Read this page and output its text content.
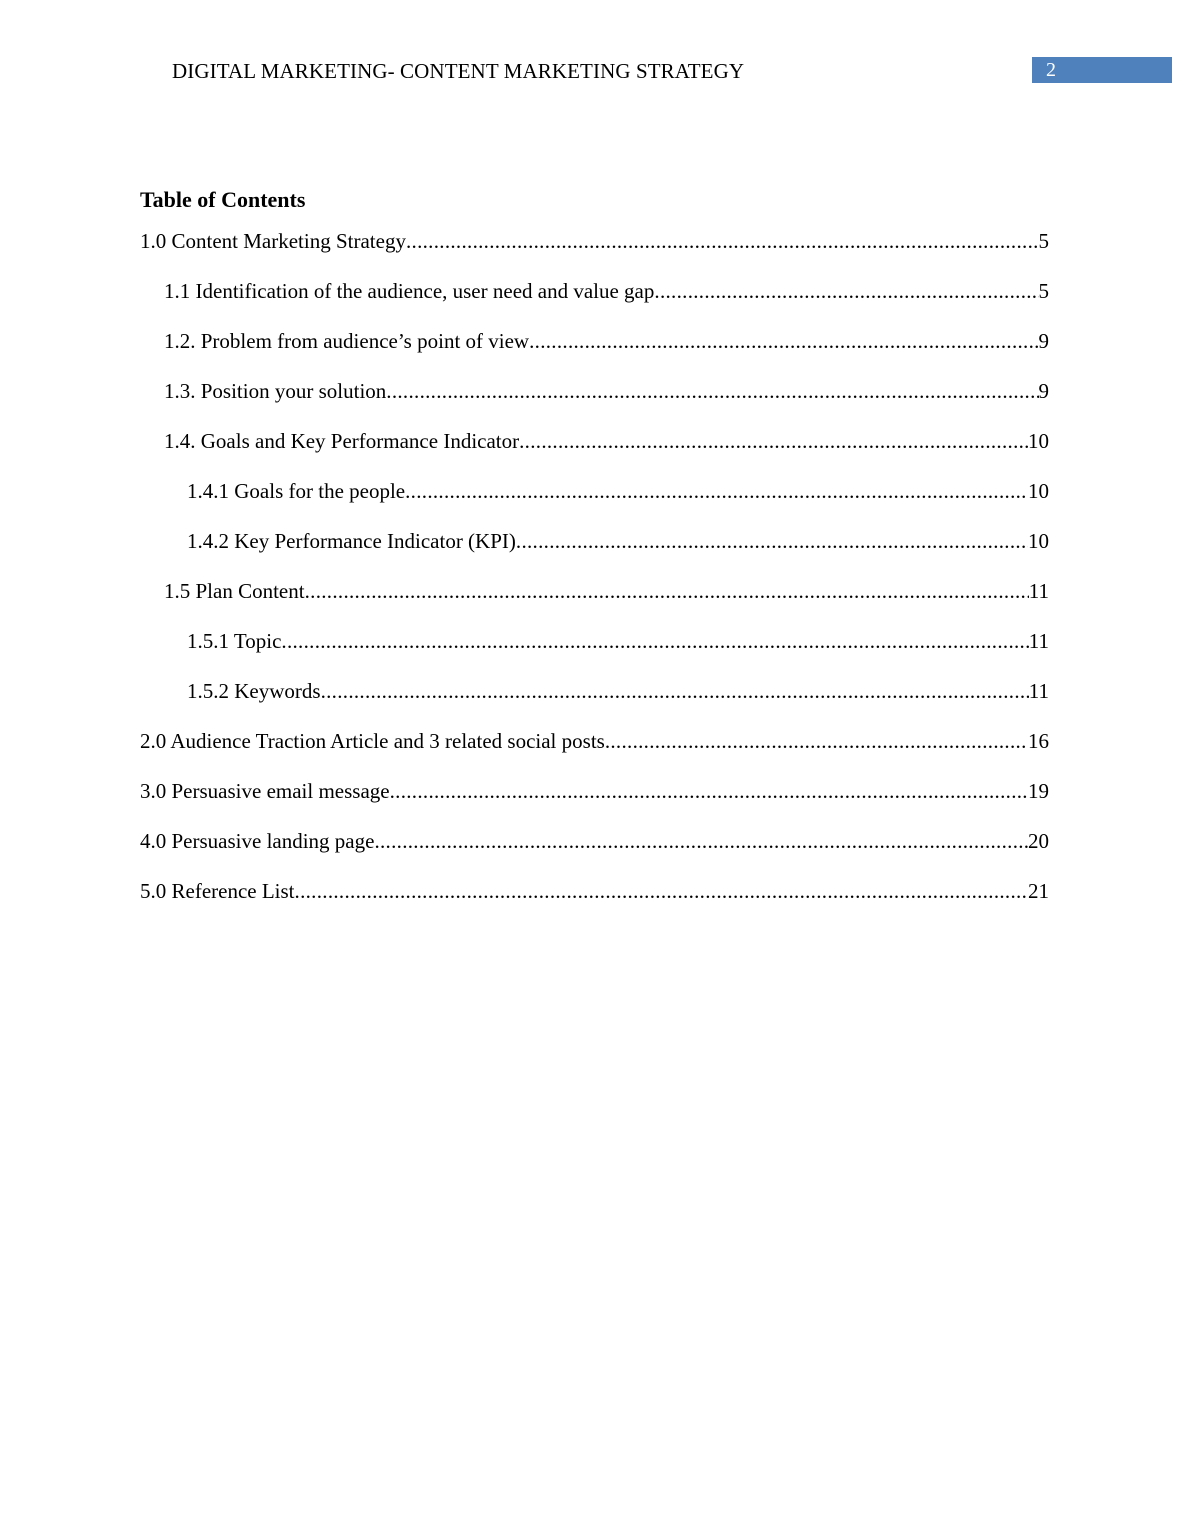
DIGITAL MARKETING- CONTENT MARKETING STRATEGY	2
Table of Contents
1.0 Content Marketing Strategy .....	5
1.1 Identification of the audience, user need and value gap .....	5
1.2. Problem from audience’s point of view .....	9
1.3. Position your solution .....	9
1.4. Goals and Key Performance Indicator .....	10
1.4.1 Goals for the people .....	10
1.4.2 Key Performance Indicator (KPI) .....	10
1.5 Plan Content .....	11
1.5.1 Topic .....	11
1.5.2 Keywords .....	11
2.0 Audience Traction Article and 3 related social posts .....	16
3.0 Persuasive email message .....	19
4.0 Persuasive landing page .....	20
5.0 Reference List .....	21
